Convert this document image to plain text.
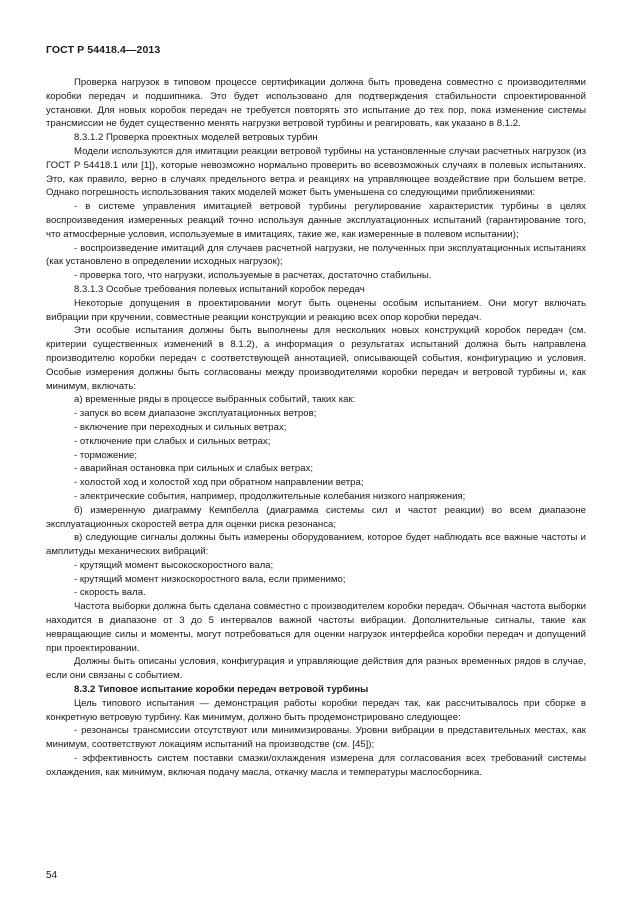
ГОСТ Р 54418.4—2013

Проверка нагрузок в типовом процессе сертификации должна быть проведена совместно с производителями коробки передач и подшипника. Это будет использовано для подтверждения стабильности спроектированной установки. Для новых коробок передач не требуется повторять это испытание до тех пор, пока изменение системы трансмиссии не будет существенно менять нагрузки ветровой турбины и реагировать, как указано в 8.1.2.

8.3.1.2 Проверка проектных моделей ветровых турбин

Модели используются для имитации реакции ветровой турбины на установленные случаи расчетных нагрузок (из ГОСТ Р 54418.1 или [1]), которые невозможно нормально проверить во всевозможных случаях в полевых испытаниях. Это, как правило, верно в случаях предельного ветра и реакциях на управляющее воздействие при большем ветре. Однако погрешность использования таких моделей может быть уменьшена со следующими приближениями:

- в системе управления имитацией ветровой турбины регулирование характеристик турбины в целях воспроизведения измеренных реакций точно используя данные эксплуатационных испытаний (гарантирование того, что атмосферные условия, используемые в имитациях, такие же, как измеренные в полевом испытании);

- воспроизведение имитаций для случаев расчетной нагрузки, не полученных при эксплуатационных испытаниях (как установлено в определении исходных нагрузок);

- проверка того, что нагрузки, используемые в расчетах, достаточно стабильны.

8.3.1.3 Особые требования полевых испытаний коробок передач

Некоторые допущения в проектировании могут быть оценены особым испытанием. Они могут включать вибрации при кручении, совместные реакции конструкции и реакцию всех опор коробки передач.

Эти особые испытания должны быть выполнены для нескольких новых конструкций коробок передач (см. критерии существенных изменений в 8.1.2), а информация о результатах испытаний должна быть направлена производителю коробки передач с соответствующей аннотацией, описывающей события, конфигурацию и условия. Особые измерения должны быть согласованы между производителями коробки передач и ветровой турбины и, как минимум, включать:

а) временные ряды в процессе выбранных событий, таких как:

- запуск во всем диапазоне эксплуатационных ветров;

- включение при переходных и сильных ветрах;

- отключение при слабых и сильных ветрах;

- торможение;

- аварийная остановка при сильных и слабых ветрах;

- холостой ход и холостой ход при обратном направлении ветра;

- электрические события, например, продолжительные колебания низкого напряжения;

б) измеренную диаграмму Кемпбелла (диаграмма системы сил и частот реакции) во всем диапазоне эксплуатационных скоростей ветра для оценки риска резонанса;

в) следующие сигналы должны быть измерены оборудованием, которое будет наблюдать все важные частоты и амплитуды механических вибраций:

- крутящий момент высокоскоростного вала;

- крутящий момент низкоскоростного вала, если применимо;

- скорость вала.

Частота выборки должна быть сделана совместно с производителем коробки передач. Обычная частота выборки находится в диапазоне от 3 до 5 интервалов важной частоты вибрации. Дополнительные сигналы, такие как невращающие силы и моменты, могут потребоваться для оценки нагрузок интерфейса коробки передач и допущений при проектировании.

Должны быть описаны условия, конфигурация и управляющие действия для разных временных рядов в случае, если они связаны с событием.

8.3.2 Типовое испытание коробки передач ветровой турбины

Цель типового испытания — демонстрация работы коробки передач так, как рассчитывалось при сборке в конкретную ветровую турбину. Как минимум, должно быть продемонстрировано следующее:

- резонансы трансмиссии отсутствуют или минимизированы. Уровни вибрации в представительных местах, как минимум, соответствуют локациям испытаний на производстве (см. [45]);

- эффективность систем поставки смазки/охлаждения измерена для согласования всех требований системы охлаждения, как минимум, включая подачу масла, откачку масла и температуры маслосборника.

54
